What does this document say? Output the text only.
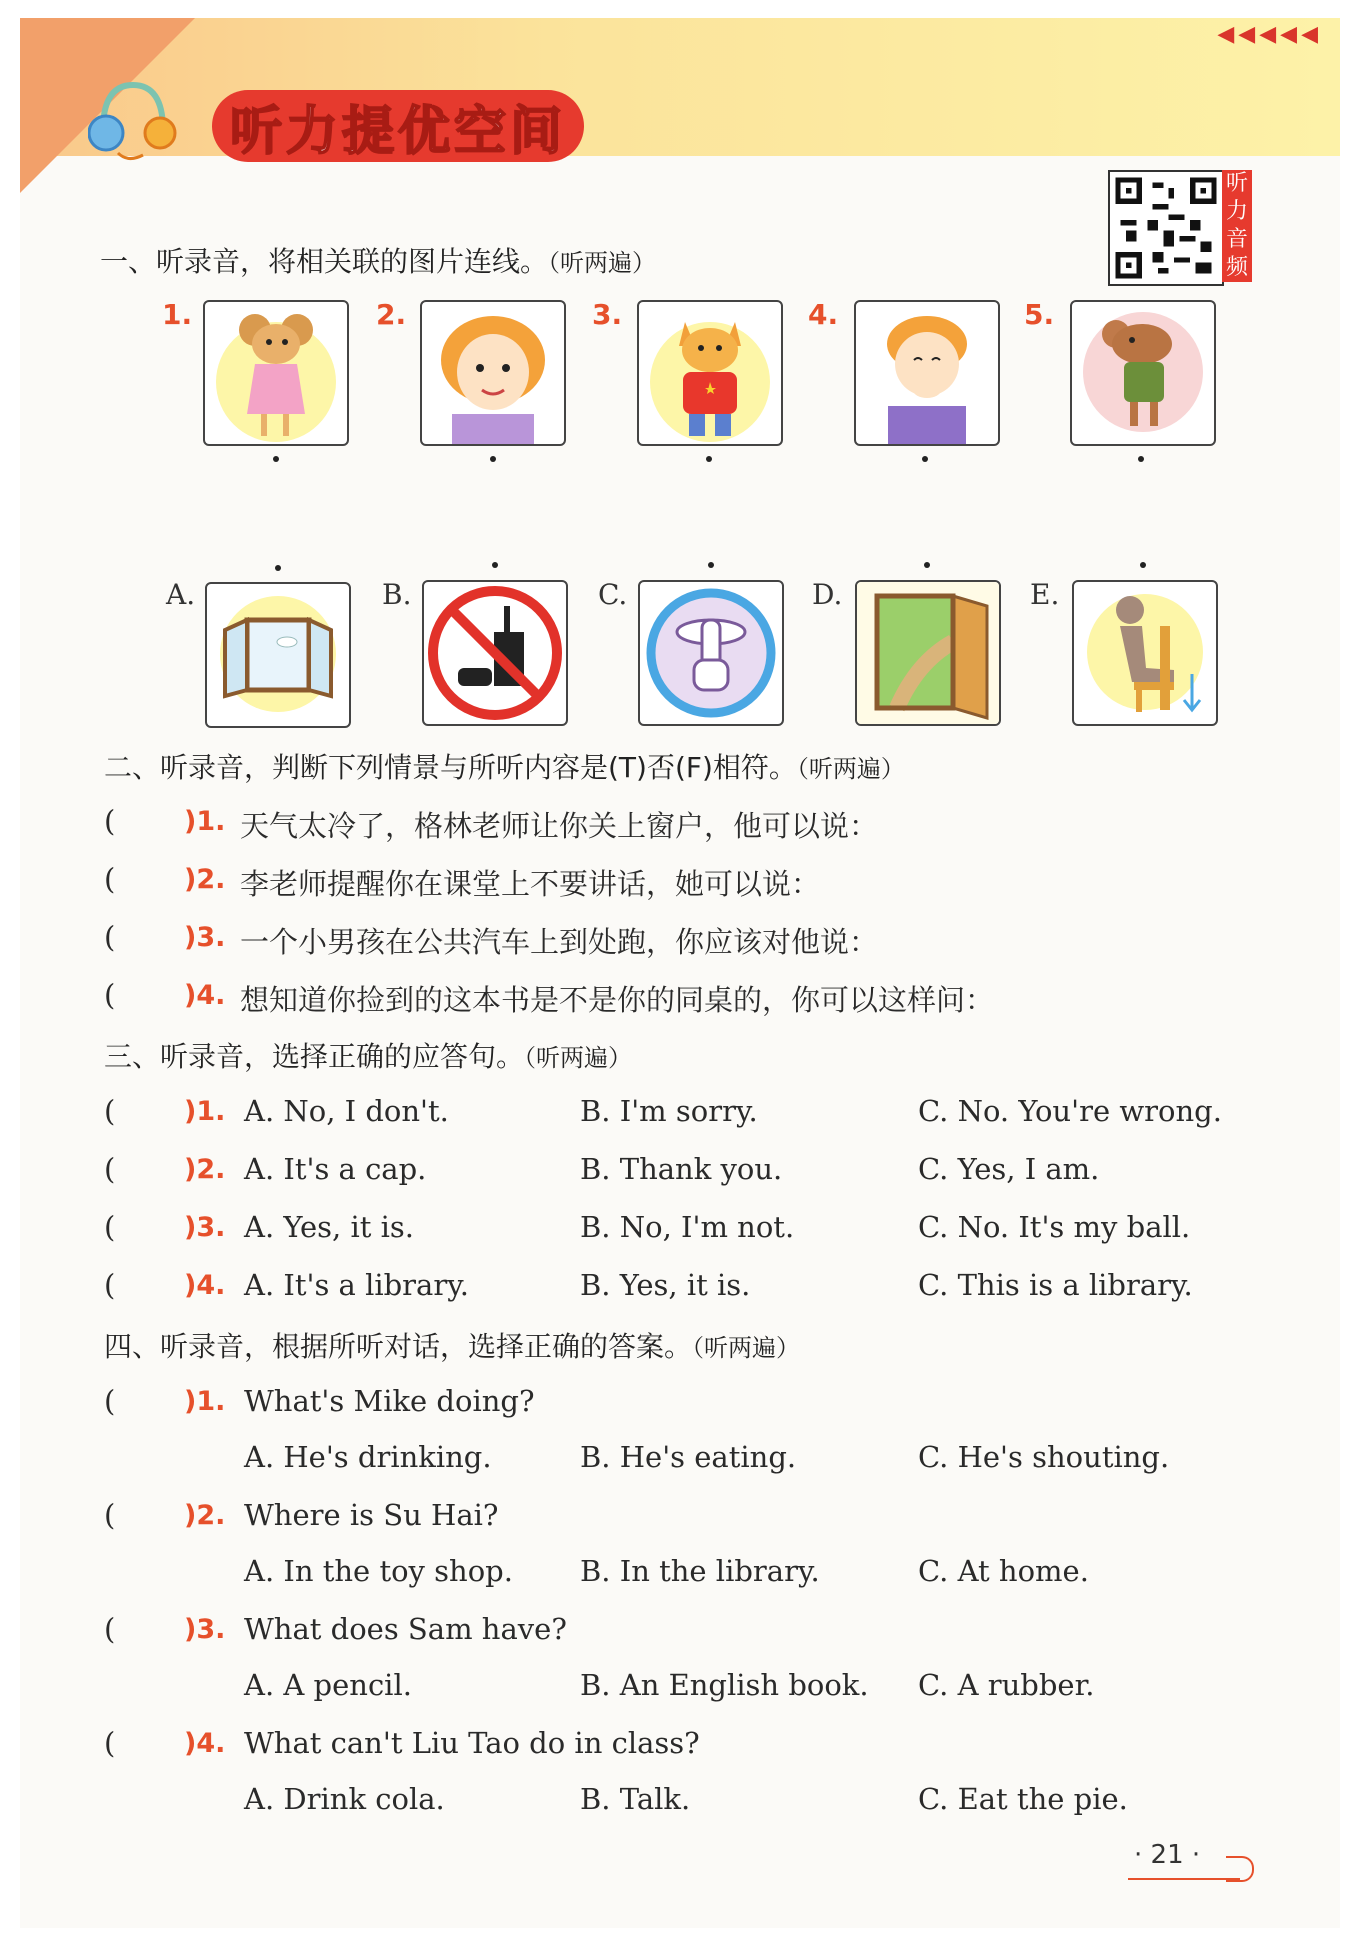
◀◀◀◀◀
听力提优空间
听
力
音
频
一、听录音，将相关联的图片连线。（听两遍）
1.	2.	3.	4.	5.
A.	B.	C.	D.	E.
二、听录音，判断下列情景与所听内容是(T)否(F)相符。（听两遍）
(	)1. 天气太冷了，格林老师让你关上窗户，他可以说：
(	)2. 李老师提醒你在课堂上不要讲话，她可以说：
(	)3. 一个小男孩在公共汽车上到处跑，你应该对他说：
(	)4. 想知道你捡到的这本书是不是你的同桌的，你可以这样问：
三、听录音，选择正确的应答句。（听两遍）
(	)1. A. No, I don't.	B. I'm sorry.	C. No. You're wrong.
(	)2. A. It's a cap.	B. Thank you.	C. Yes, I am.
(	)3. A. Yes, it is.	B. No, I'm not.	C. No. It's my ball.
(	)4. A. It's a library.	B. Yes, it is.	C. This is a library.
四、听录音，根据所听对话，选择正确的答案。（听两遍）
(	)1. What's Mike doing?
A. He's drinking.	B. He's eating.	C. He's shouting.
(	)2. Where is Su Hai?
A. In the toy shop. B. In the library.	C. At home.
(	)3. What does Sam have?
A. A pencil.	B. An English book. C. A rubber.
(	)4. What can't Liu Tao do in class?
A. Drink cola.	B. Talk.	C. Eat the pie.
· 21 ·
